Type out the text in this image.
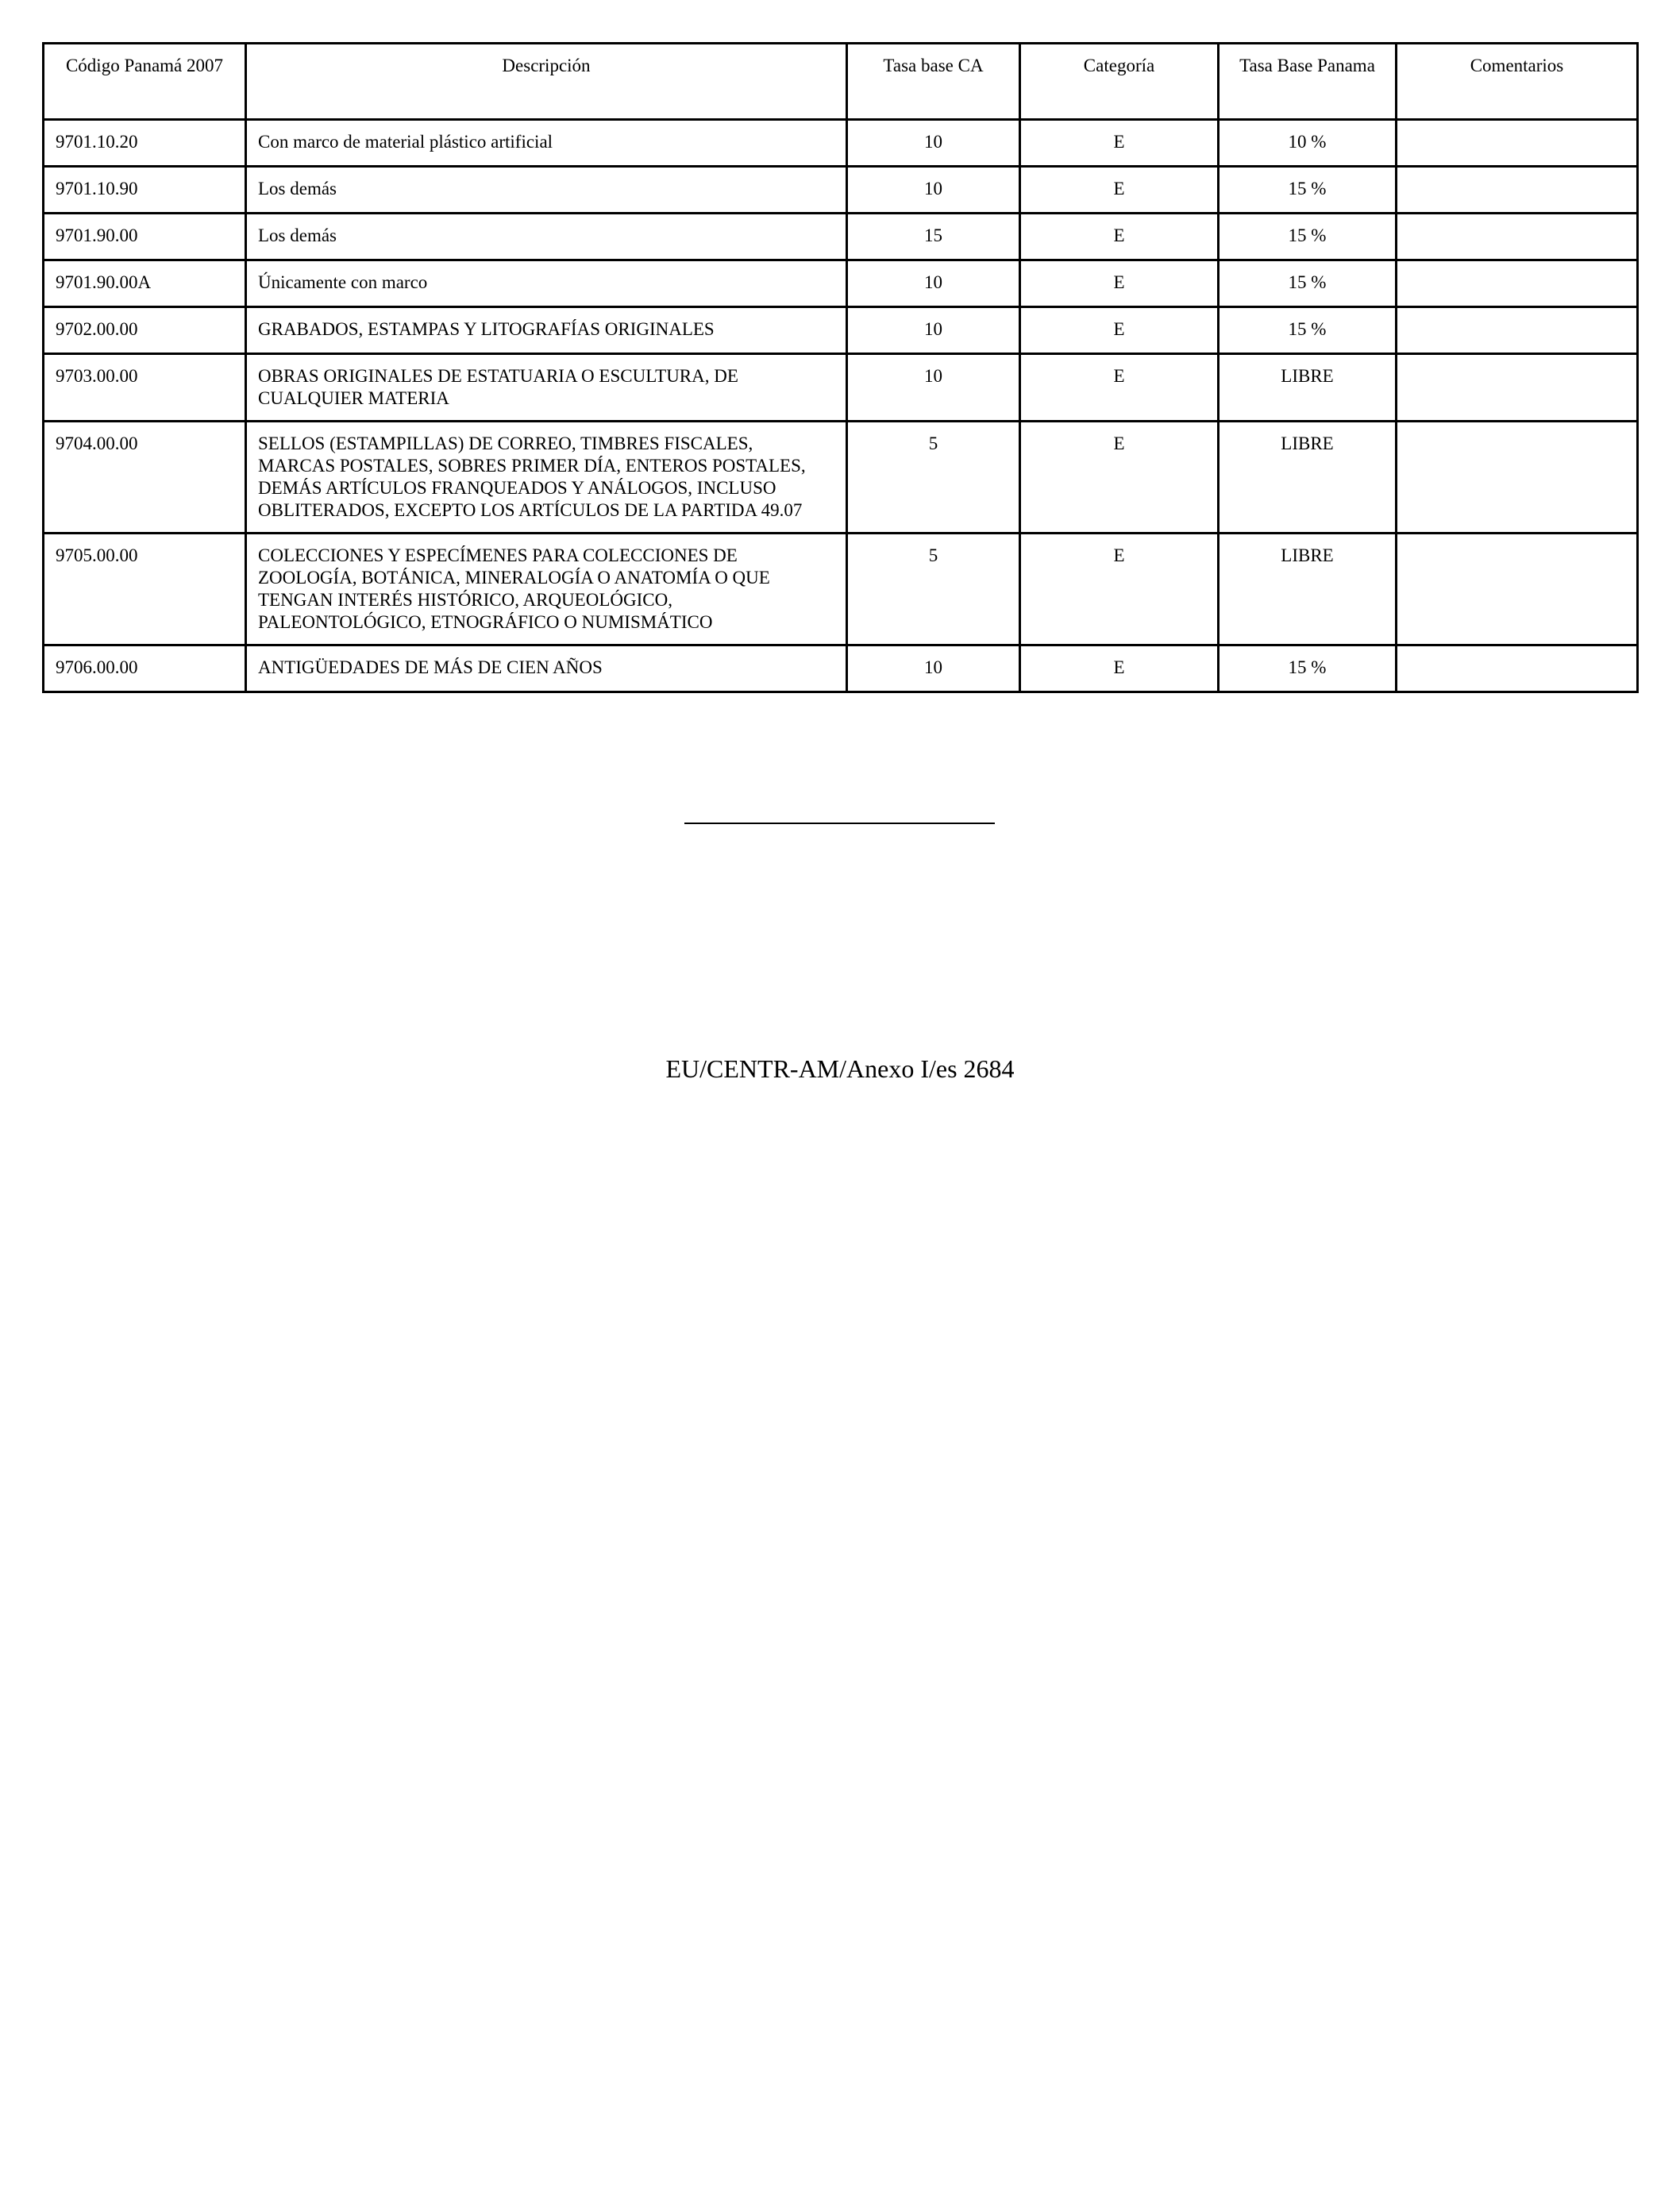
Código Panamá 2007	Descripción	Tasa base CA	Categoría	Tasa Base Panama	Comentarios
9701.10.20	Con marco de material plástico artificial	10	E	10 %	
9701.10.90	Los demás	10	E	15 %	
9701.90.00	Los demás	15	E	15 %	
9701.90.00A	Únicamente con marco	10	E	15 %	
9702.00.00	GRABADOS, ESTAMPAS Y LITOGRAFÍAS ORIGINALES	10	E	15 %	
9703.00.00	OBRAS ORIGINALES DE ESTATUARIA O ESCULTURA, DE CUALQUIER MATERIA	10	E	LIBRE	
9704.00.00	SELLOS (ESTAMPILLAS) DE CORREO, TIMBRES FISCALES, MARCAS POSTALES, SOBRES PRIMER DÍA, ENTEROS POSTALES, DEMÁS ARTÍCULOS FRANQUEADOS Y ANÁLOGOS, INCLUSO OBLITERADOS, EXCEPTO LOS ARTÍCULOS DE LA PARTIDA 49.07	5	E	LIBRE	
9705.00.00	COLECCIONES Y ESPECÍMENES PARA COLECCIONES DE ZOOLOGÍA, BOTÁNICA, MINERALOGÍA O ANATOMÍA O QUE TENGAN INTERÉS HISTÓRICO, ARQUEOLÓGICO, PALEONTOLÓGICO, ETNOGRÁFICO O NUMISMÁTICO	5	E	LIBRE	
9706.00.00	ANTIGÜEDADES DE MÁS DE CIEN AÑOS	10	E	15 %	
EU/CENTR-AM/Anexo I/es 2684
